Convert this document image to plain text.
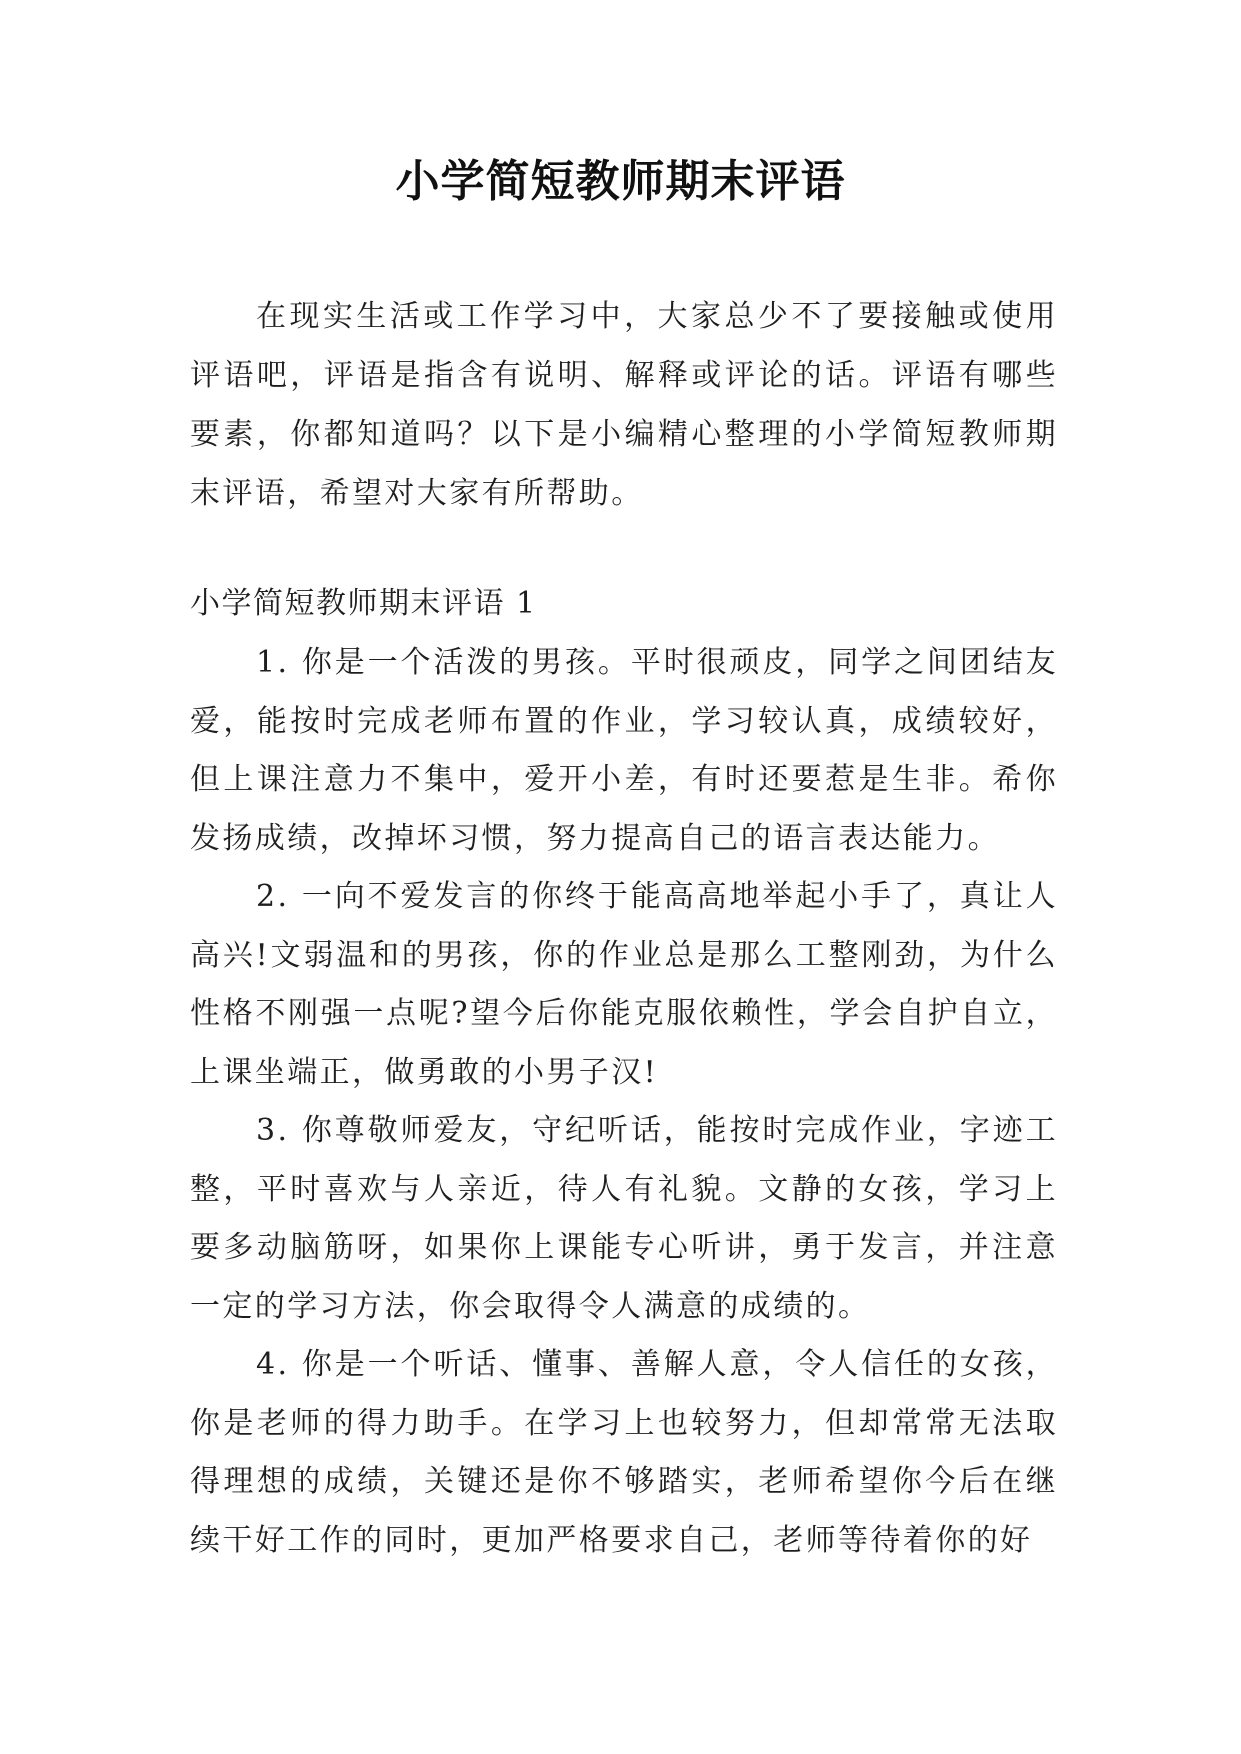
小学简短教师期末评语
在现实生活或工作学习中，大家总少不了要接触或使用评语吧，评语是指含有说明、解释或评论的话。评语有哪些要素，你都知道吗？以下是小编精心整理的小学简短教师期末评语，希望对大家有所帮助。
小学简短教师期末评语 1
1. 你是一个活泼的男孩。平时很顽皮，同学之间团结友爱，能按时完成老师布置的作业，学习较认真，成绩较好，但上课注意力不集中，爱开小差，有时还要惹是生非。希你发扬成绩，改掉坏习惯，努力提高自己的语言表达能力。
2. 一向不爱发言的你终于能高高地举起小手了，真让人高兴!文弱温和的男孩，你的作业总是那么工整刚劲，为什么性格不刚强一点呢?望今后你能克服依赖性，学会自护自立，上课坐端正，做勇敢的小男子汉!
3. 你尊敬师爱友，守纪听话，能按时完成作业，字迹工整，平时喜欢与人亲近，待人有礼貌。文静的女孩，学习上要多动脑筋呀，如果你上课能专心听讲，勇于发言，并注意一定的学习方法，你会取得令人满意的成绩的。
4. 你是一个听话、懂事、善解人意，令人信任的女孩，你是老师的得力助手。在学习上也较努力，但却常常无法取得理想的成绩，关键还是你不够踏实，老师希望你今后在继续干好工作的同时，更加严格要求自己，老师等待着你的好
